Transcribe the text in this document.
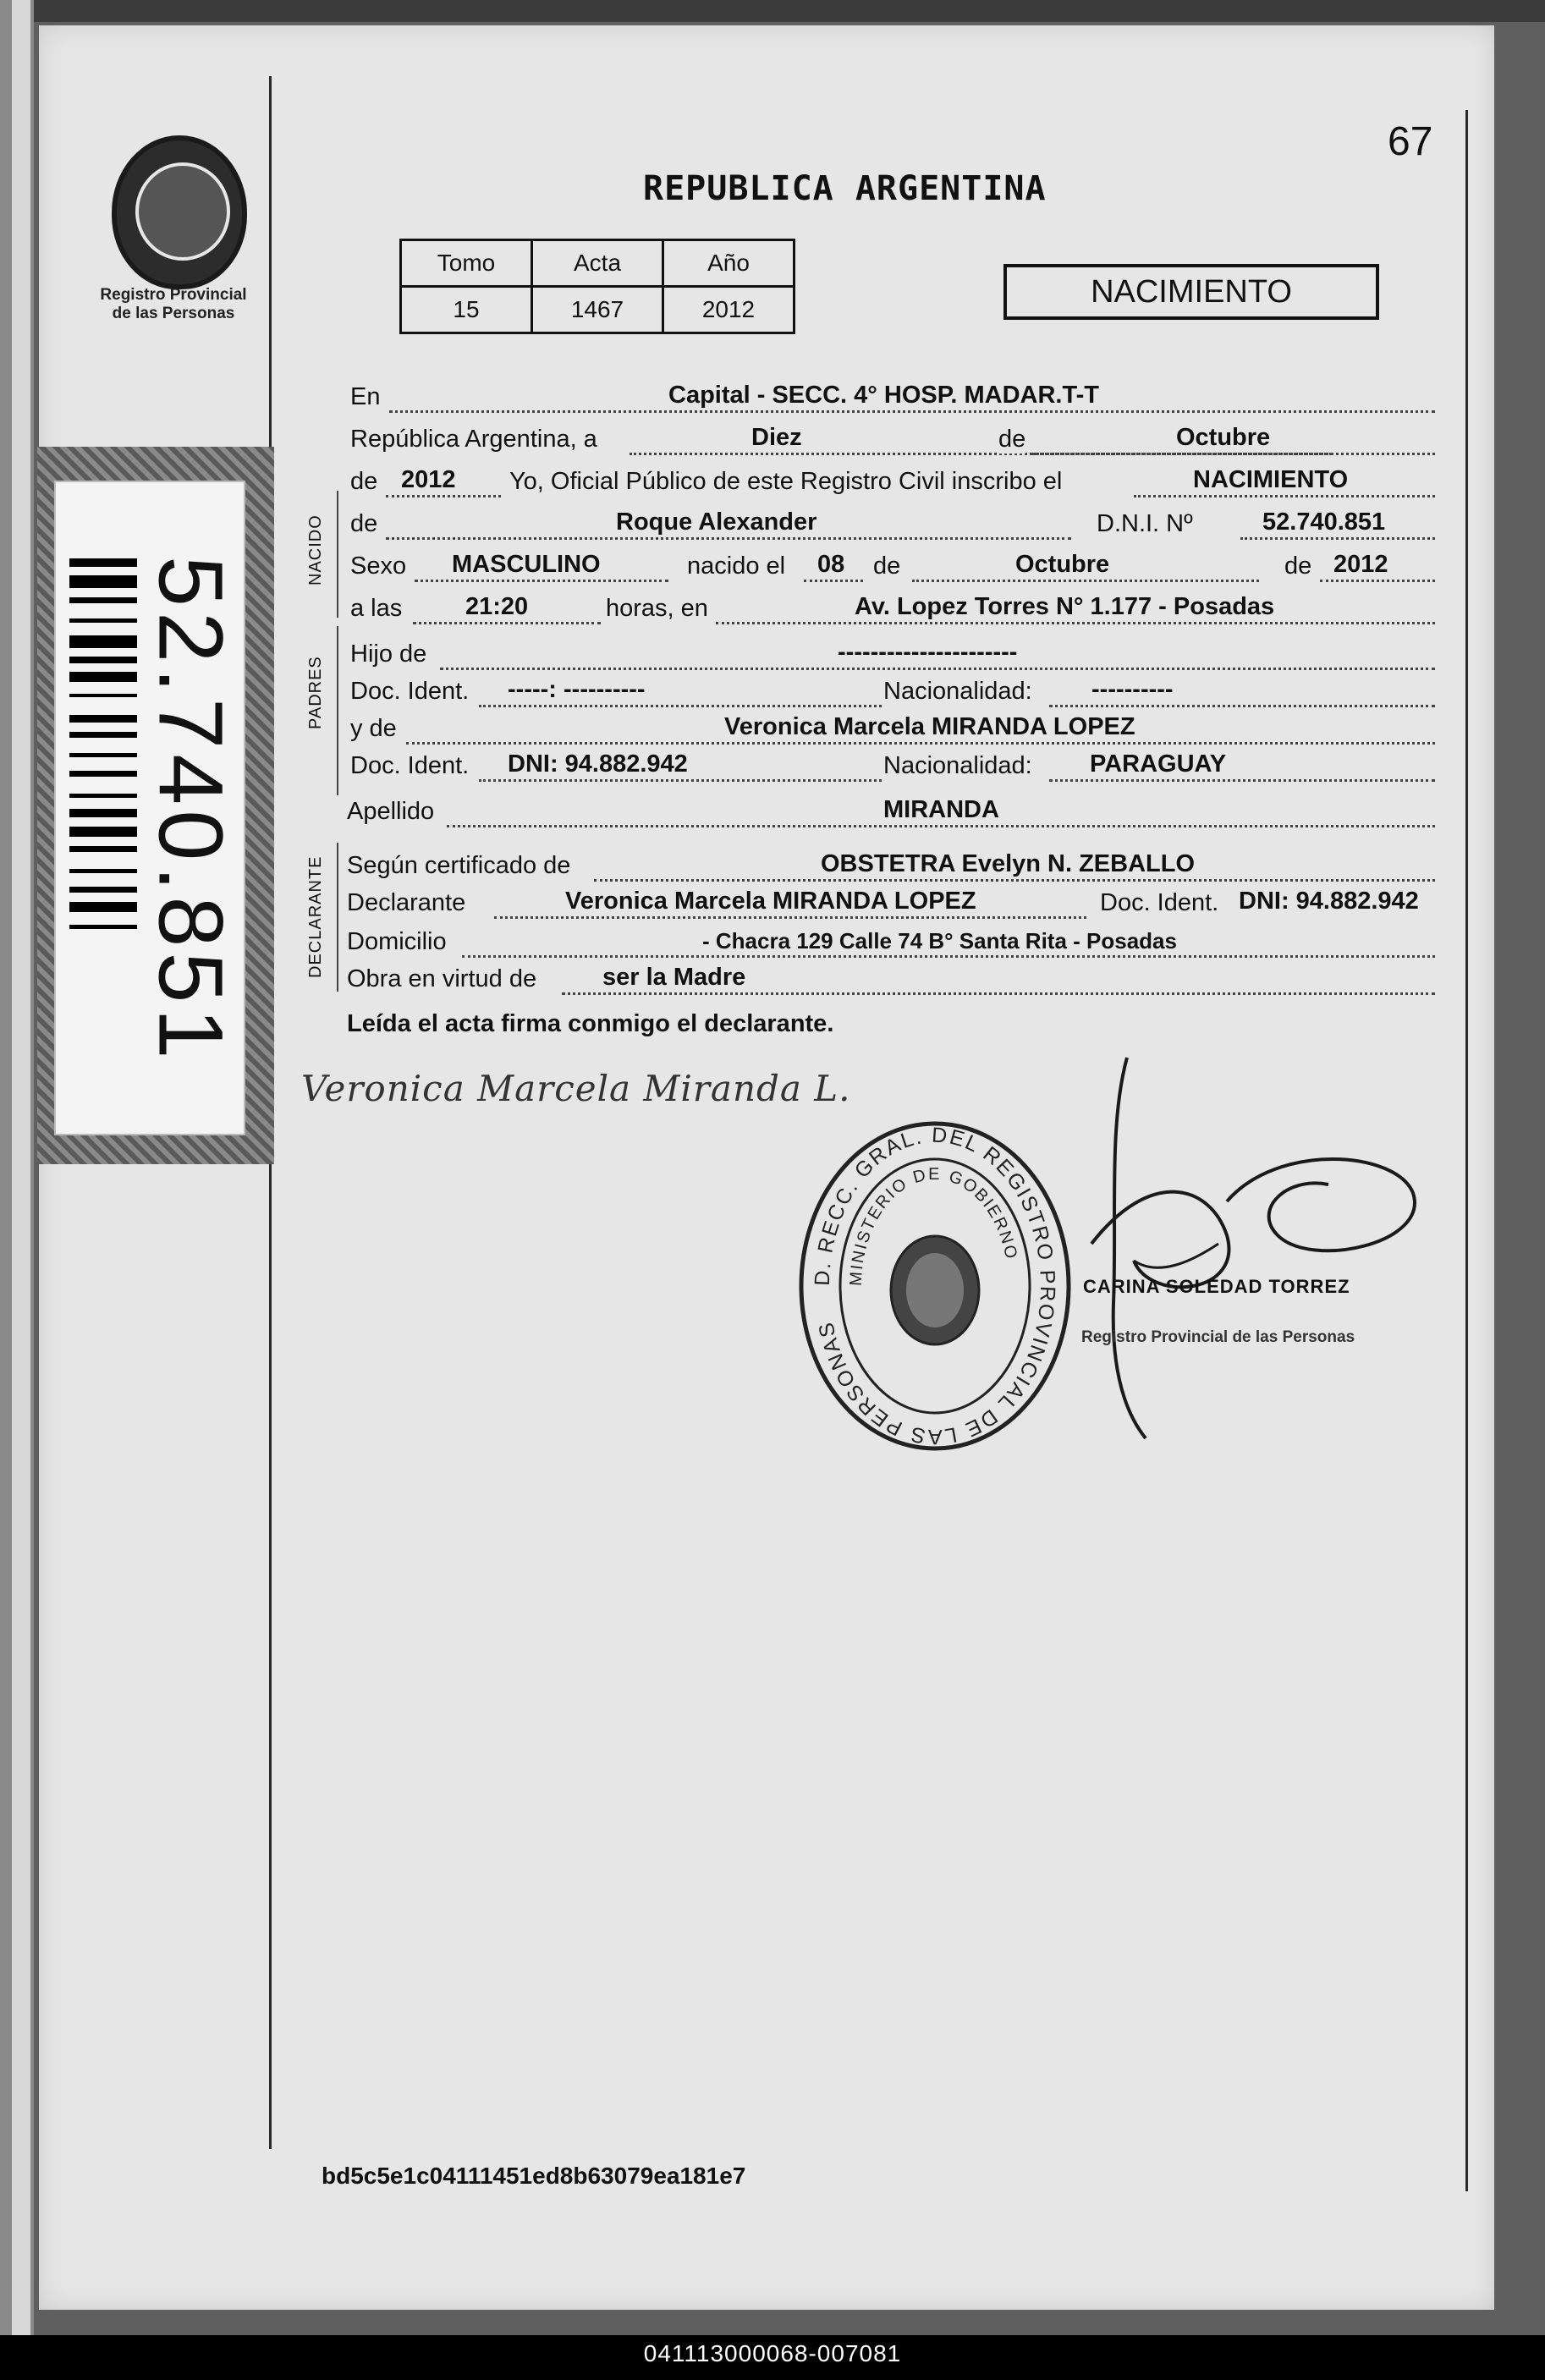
Registro Provincial
de las Personas
52.740.851
67
REPUBLICA ARGENTINA
Tomo	Acta	Año
15	1467	2012	NACIMIENTO
NACIDO
PADRES
DECLARANTE
En	Capital - SECC. 4° HOSP. MADAR.T-T
República Argentina, a	Diez	de	Octubre
de 2012 Yo, Oficial Público de este Registro Civil inscribo el	NACIMIENTO
de	Roque Alexander	D.N.I. Nº	52.740.851
Sexo MASCULINO	nacido el 08 de	Octubre	de 2012
a las	21:20	horas, en	Av. Lopez Torres N° 1.177 - Posadas
Hijo de	----------------------
Doc. Ident. -----: ----------	Nacionalidad: ----------
y de	Veronica Marcela MIRANDA LOPEZ
Doc. Ident. DNI: 94.882.942	Nacionalidad: PARAGUAY
Apellido	MIRANDA
Según certificado de	OBSTETRA Evelyn N. ZEBALLO
Declarante	Veronica Marcela MIRANDA LOPEZ	Doc. Ident. DNI: 94.882.942
Domicilio	- Chacra 129 Calle 74 B° Santa Rita - Posadas
Obra en virtud de	ser la Madre
Leída el acta firma conmigo el declarante.
Veronica Marcela Miranda L.
D. RECC. GRAL. DEL REGISTRO PROVINCIAL DE LAS PERSONAS
MINISTERIO DE GOBIERNO
CARINA SOLEDAD TORREZ
Registro Provincial de las Personas
bd5c5e1c04111451ed8b63079ea181e7
041113000068-007081
